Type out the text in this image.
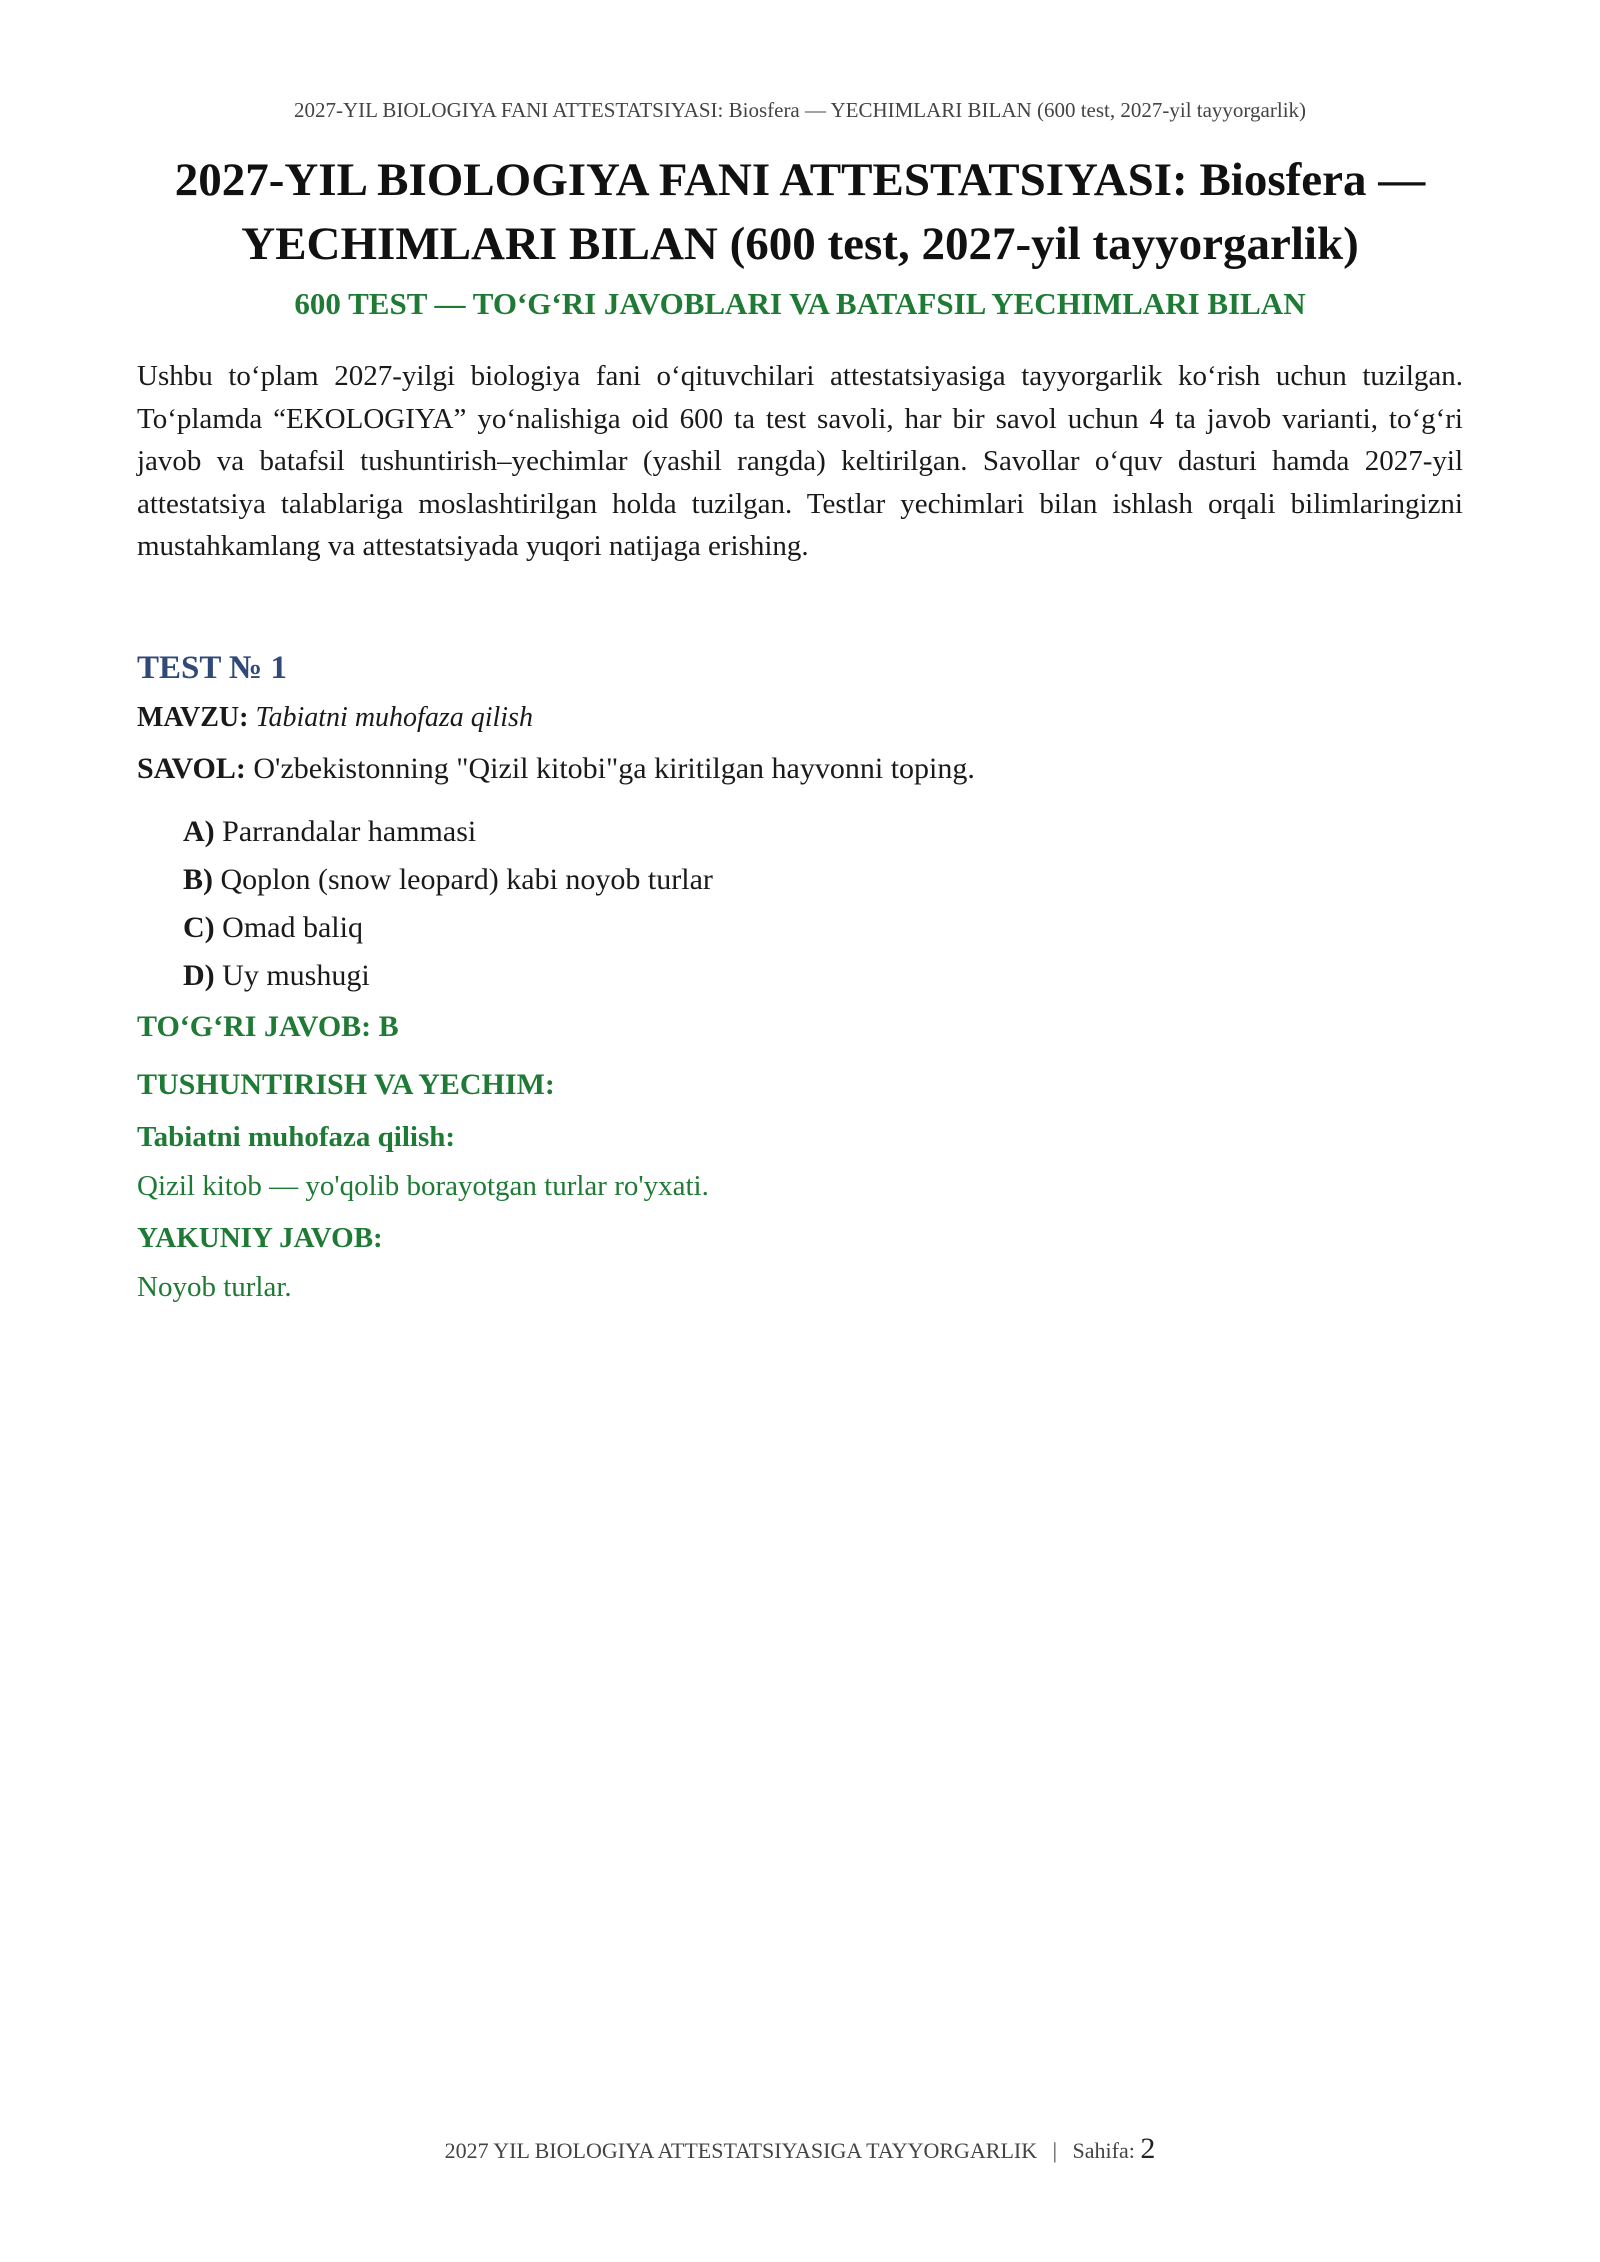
2027-YIL BIOLOGIYA FANI ATTESTATSIYASI: Biosfera — YECHIMLARI BILAN (600 test, 2027-yil tayyorgarlik)
2027-YIL BIOLOGIYA FANI ATTESTATSIYASI: Biosfera —
YECHIMLARI BILAN (600 test, 2027-yil tayyorgarlik)
600 TEST — TO‘G‘RI JAVOBLARI VA BATAFSIL YECHIMLARI BILAN

Ushbu to‘plam 2027-yilgi biologiya fani o‘qituvchilari attestatsiyasiga tayyorgarlik ko‘rish uchun tuzilgan. To‘plamda “EKOLOGIYA” yo‘nalishiga oid 600 ta test savoli, har bir savol uchun 4 ta javob varianti, to‘g‘ri javob va batafsil tushuntirish–yechimlar (yashil rangda) keltirilgan. Savollar o‘quv dasturi hamda 2027-yil attestatsiya talablariga moslashtirilgan holda tuzilgan. Testlar yechimlari bilan ishlash orqali bilimlaringizni mustahkamlang va attestatsiyada yuqori natijaga erishing.

TEST № 1
MAVZU: Tabiatni muhofaza qilish
SAVOL: O'zbekistonning "Qizil kitobi"ga kiritilgan hayvonni toping.
A) Parrandalar hammasi
B) Qoplon (snow leopard) kabi noyob turlar
C) Omad baliq
D) Uy mushugi
TO‘G‘RI JAVOB: B
TUSHUNTIRISH VA YECHIM:
Tabiatni muhofaza qilish:
Qizil kitob — yo'qolib borayotgan turlar ro'yxati.
YAKUNIY JAVOB:
Noyob turlar.
2027 YIL BIOLOGIYA ATTESTATSIYASIGA TAYYORGARLIK | Sahifa: 2
